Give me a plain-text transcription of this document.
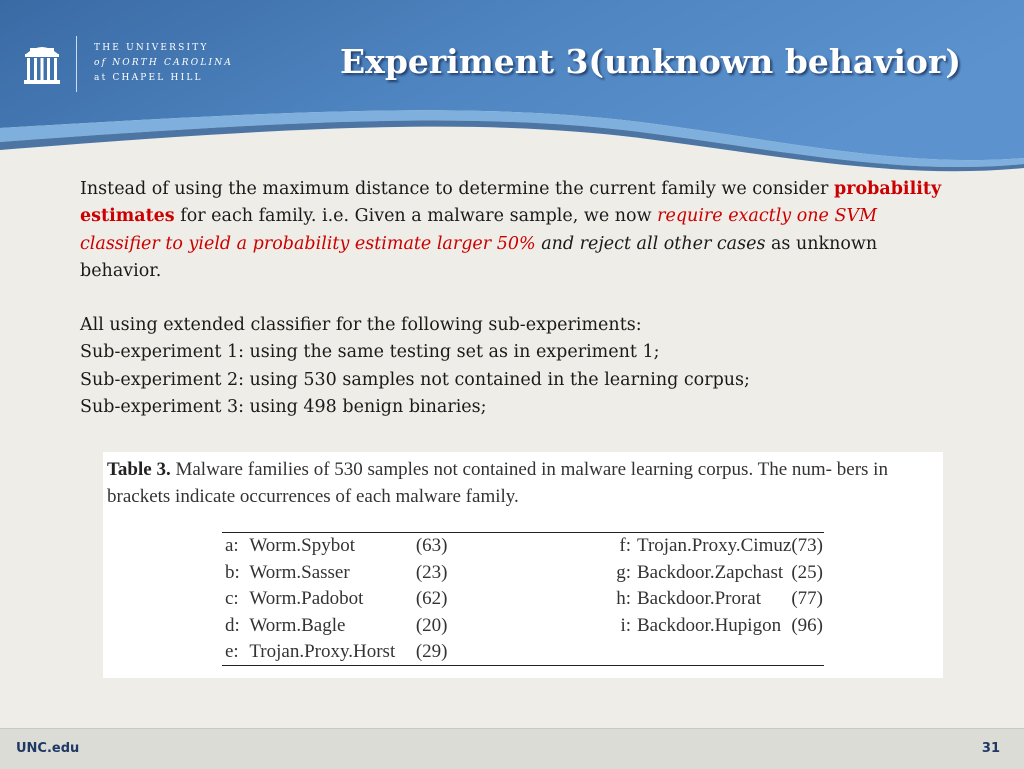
THE UNIVERSITY
of NORTH CAROLINA
at CHAPEL HILL	Experiment 3(unknown behavior)

Instead of using the maximum distance to determine the current family we consider probability estimates for each family. i.e. Given a malware sample, we now require exactly one SVM classifier to yield a probability estimate larger 50% and reject all other cases as unknown behavior.

All using extended classifier for the following sub-experiments:

Sub-experiment 1: using the same testing set as in experiment 1;

Sub-experiment 2: using 530 samples not contained in the learning corpus;

Sub-experiment 3: using 498 benign binaries;

Table 3. Malware families of 530 samples not contained in malware learning corpus. The num- bers in brackets indicate occurrences of each malware family.
a:	Worm.Spybot	(63)	f:	Trojan.Proxy.Cimuz	(73)
b:	Worm.Sasser	(23)	g:	Backdoor.Zapchast	(25)
c:	Worm.Padobot	(62)	h:	Backdoor.Prorat	(77)
d:	Worm.Bagle	(20)	i:	Backdoor.Hupigon	(96)
e:	Trojan.Proxy.Horst	(29)			
UNC.edu	31
